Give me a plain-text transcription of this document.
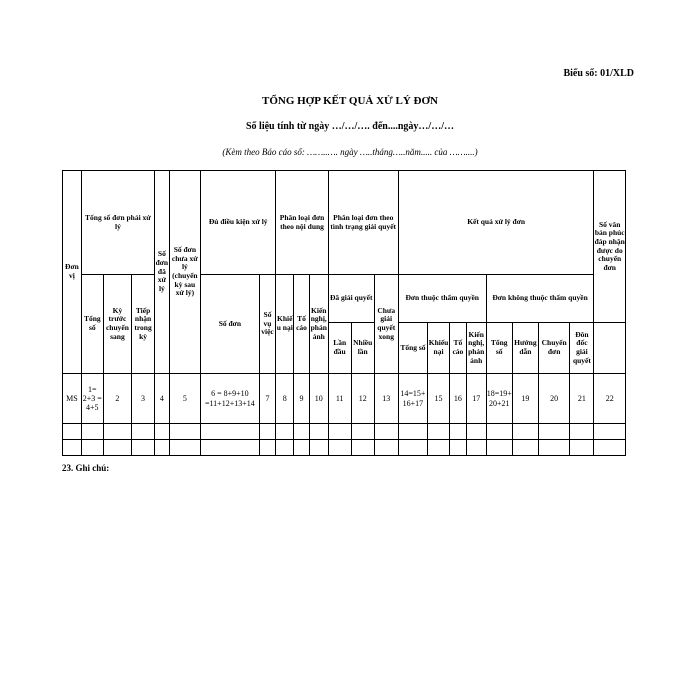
Biểu số: 01/XLD
TỔNG HỢP KẾT QUẢ XỬ LÝ ĐƠN
Số liệu tính từ ngày …/…/…. đến....ngày…/…/…
(Kèm theo Báo cáo số: ……..…. ngày …..tháng…..năm..... của ……....)
Đơn vị	Tổng số đơn phải xử lý			Số đơn đã xử lý	Số đơn chưa xử lý (chuyển kỳ sau xử lý)	Đủ điều kiện xử lý		Phân loại đơn theo nội dung			Phân loại đơn theo tình trạng giải quyết			Kết quả xử lý đơn								Số văn bản phúc đáp nhận được do chuyển đơn
	Tổng số	Kỳ trước chuyển sang	Tiếp nhận trong kỳ			Số đơn	Số vụ việc	Khiếu nại	Tố cáo	Kiến nghị, phản ánh	Đã giải quyết		Chưa giải quyết xong	Đơn thuộc thẩm quyền				Đơn không thuộc thẩm quyền				
											Lần đầu	Nhiều lần		Tổng số	Khiếu nại	Tố cáo	Kiến nghị, phản ánh	Tổng số	Hướng dẫn	Chuyển đơn	Đôn đốc giải quyết	
MS	1= 2+3 = 4+5	2	3	4	5	6 = 8+9+10 =11+12+13+14	7	8	9	10	11	12	13	14=15+ 16+17	15	16	17	18=19+ 20+21	19	20	21	22

23. Ghi chú:
